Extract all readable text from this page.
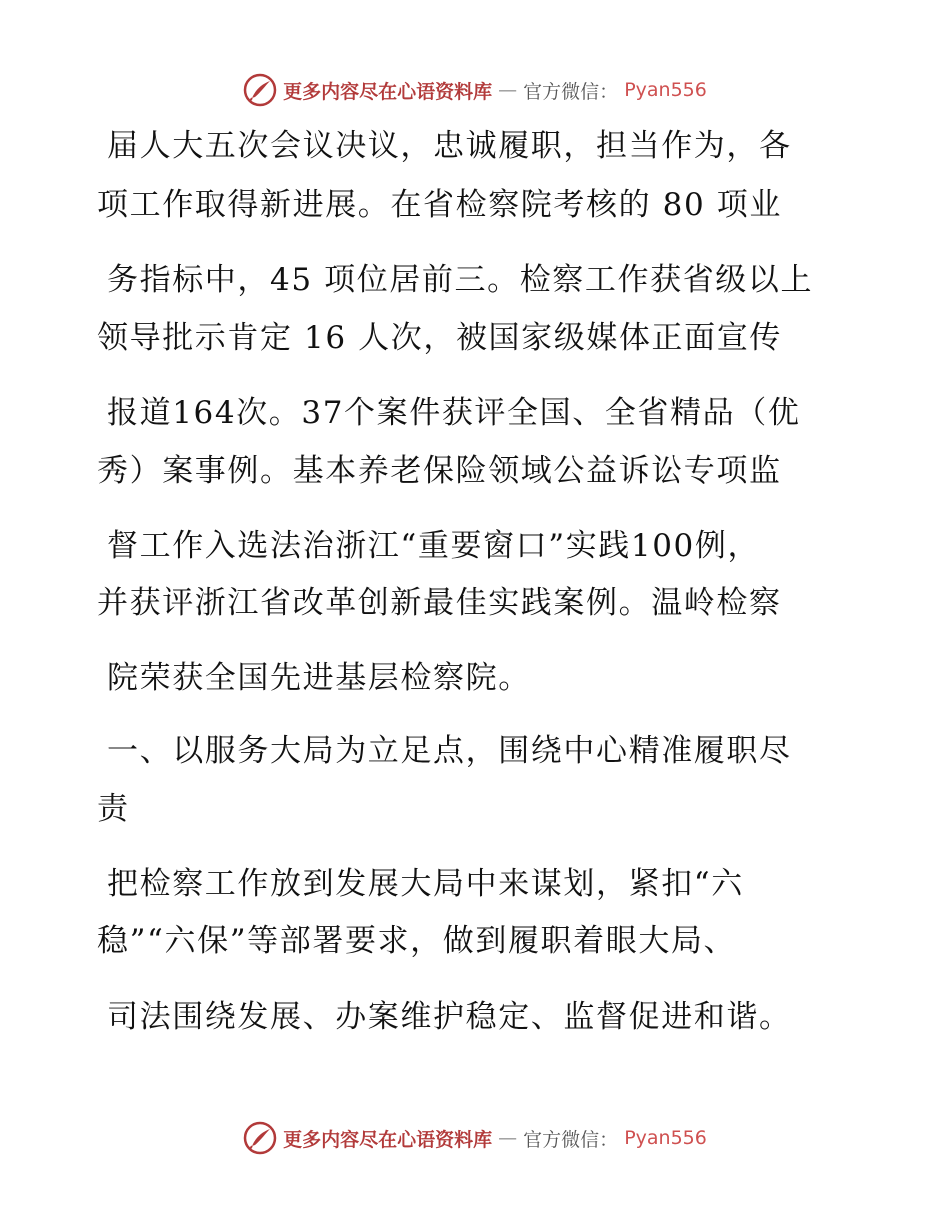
更多内容尽在心语资料库 — 官方微信： Pyan556
届人大五次会议决议，忠诚履职，担当作为，各
项工作取得新进展。在省检察院考核的 80 项业
务指标中，45 项位居前三。检察工作获省级以上
领导批示肯定 16 人次，被国家级媒体正面宣传
报道164次。37个案件获评全国、全省精品（优
秀）案事例。基本养老保险领域公益诉讼专项监
督工作入选法治浙江“重要窗口”实践100例，
并获评浙江省改革创新最佳实践案例。温岭检察
院荣获全国先进基层检察院。
一、以服务大局为立足点，围绕中心精准履职尽
责
把检察工作放到发展大局中来谋划，紧扣“六
稳”“六保”等部署要求，做到履职着眼大局、
司法围绕发展、办案维护稳定、监督促进和谐。
更多内容尽在心语资料库 — 官方微信： Pyan556
